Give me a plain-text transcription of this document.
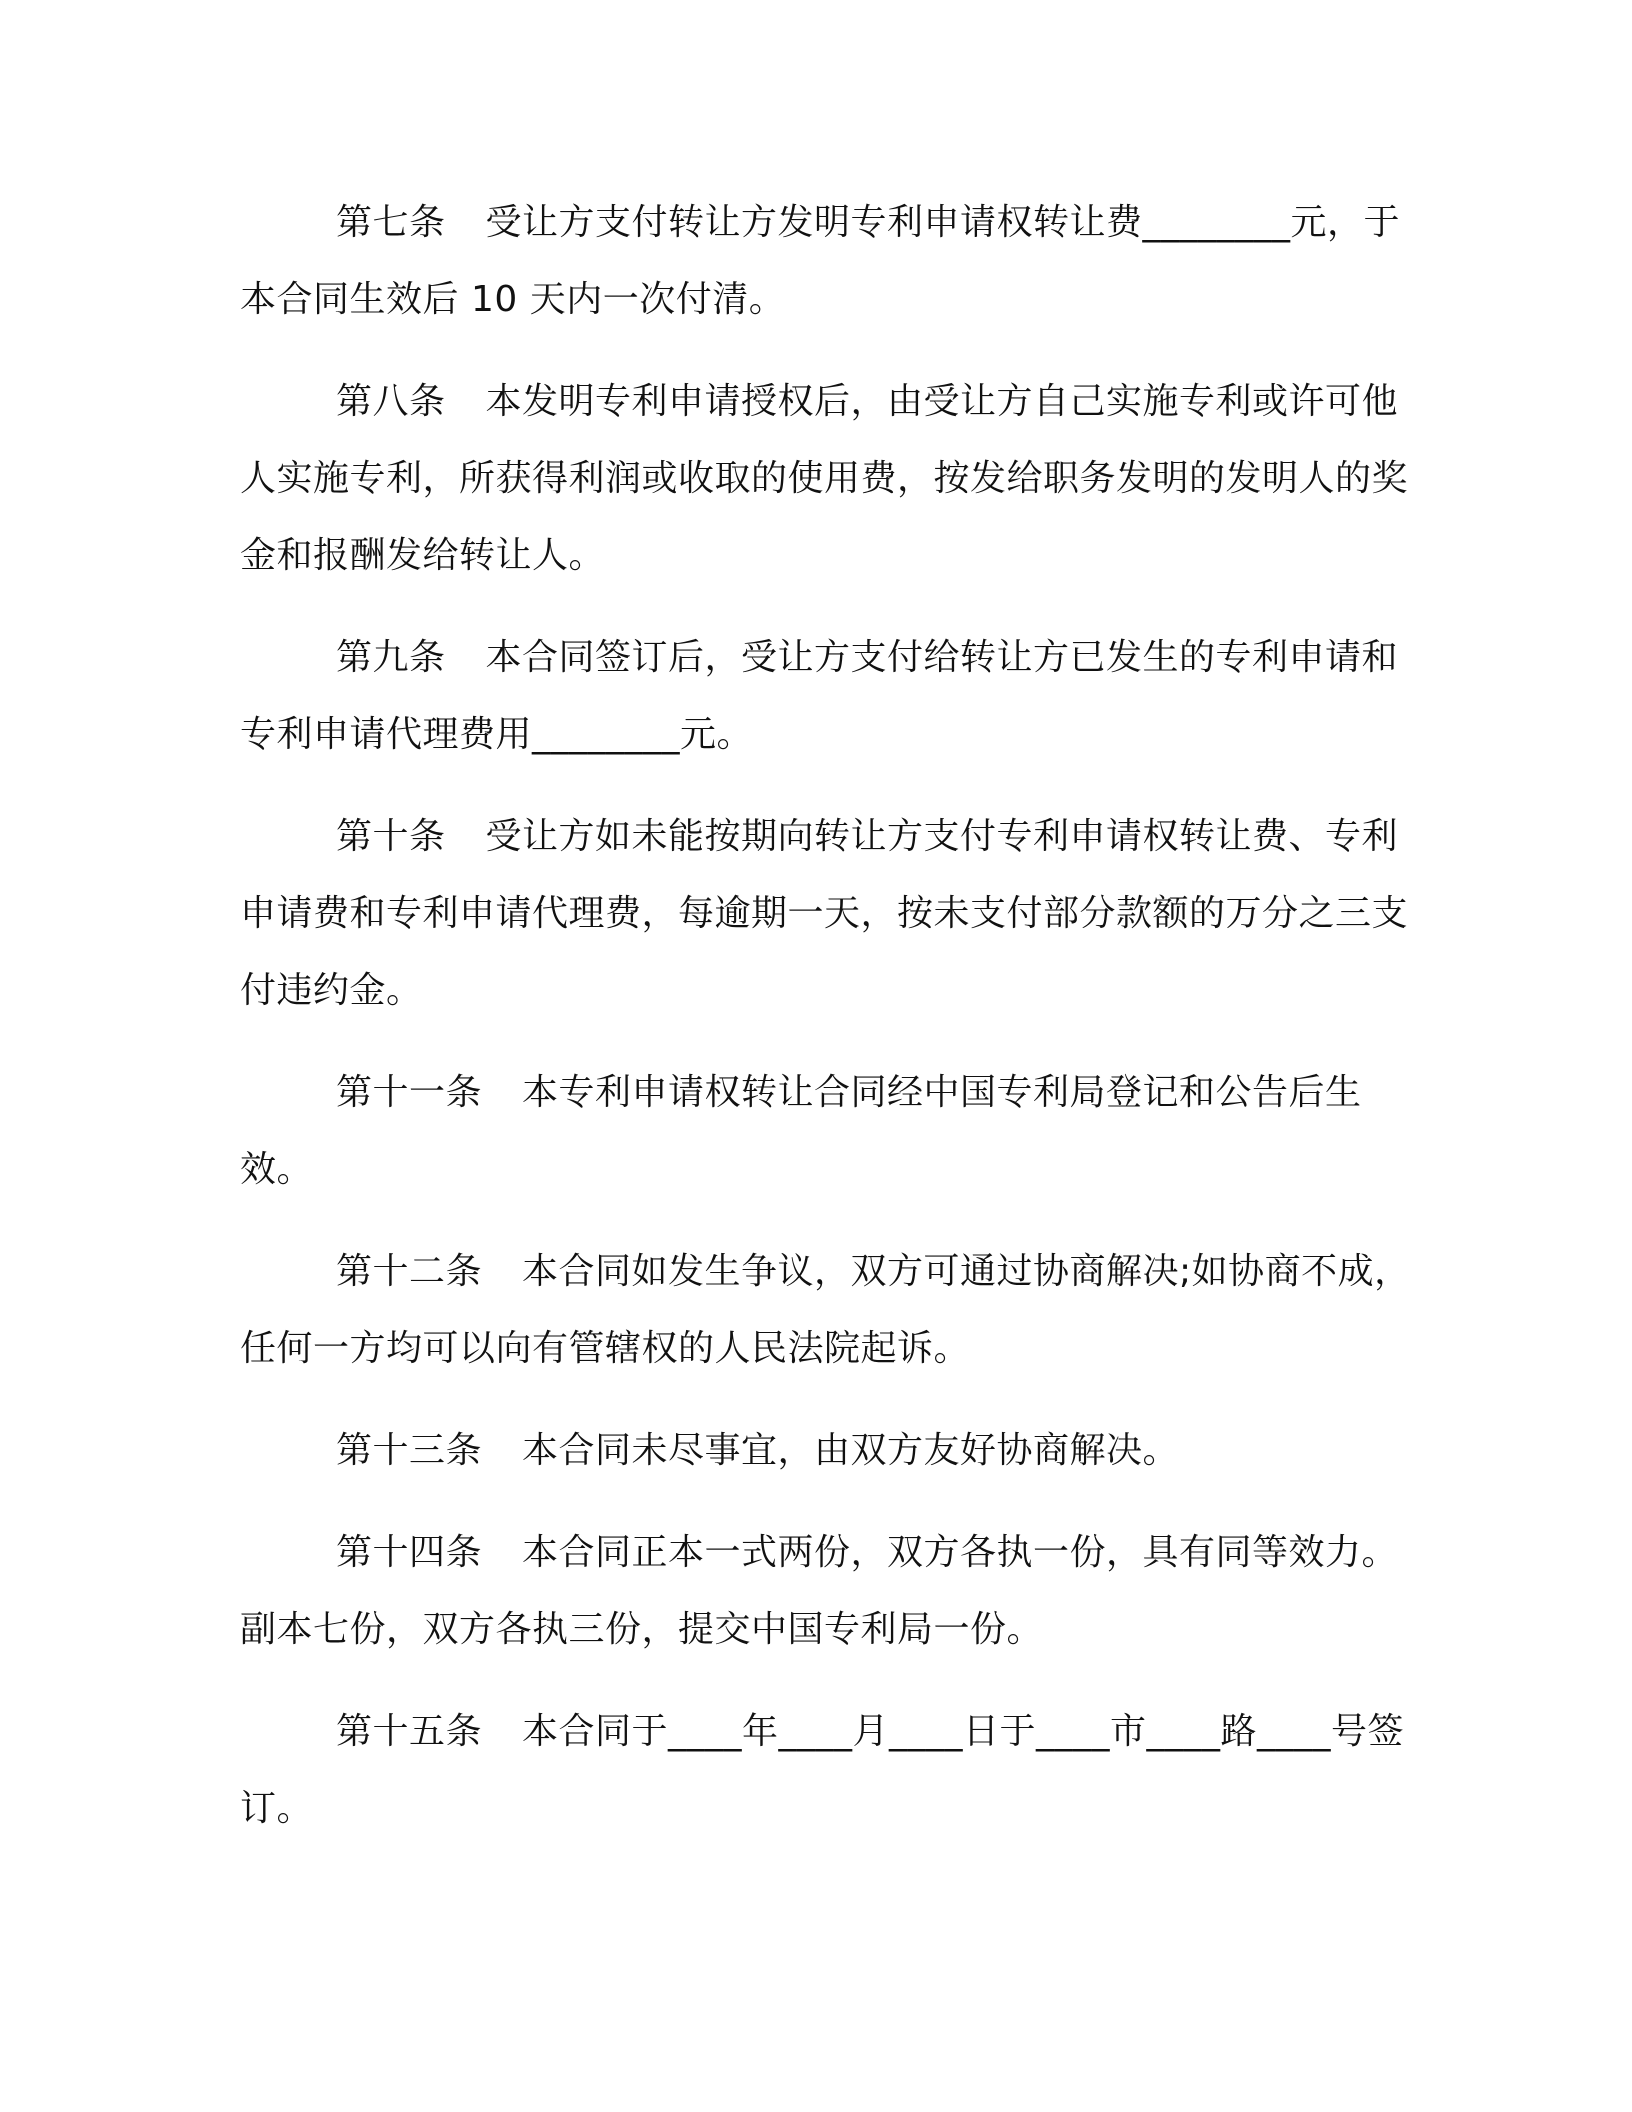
第七条 受让方支付转让方发明专利申请权转让费________元，于本合同生效后 10 天内一次付清。

第八条 本发明专利申请授权后，由受让方自己实施专利或许可他人实施专利，所获得利润或收取的使用费，按发给职务发明的发明人的奖金和报酬发给转让人。

第九条 本合同签订后，受让方支付给转让方已发生的专利申请和专利申请代理费用________元。

第十条 受让方如未能按期向转让方支付专利申请权转让费、专利申请费和专利申请代理费，每逾期一天，按未支付部分款额的万分之三支付违约金。

第十一条 本专利申请权转让合同经中国专利局登记和公告后生效。

第十二条 本合同如发生争议，双方可通过协商解决;如协商不成，任何一方均可以向有管辖权的人民法院起诉。

第十三条 本合同未尽事宜，由双方友好协商解决。

第十四条 本合同正本一式两份，双方各执一份，具有同等效力。副本七份，双方各执三份，提交中国专利局一份。

第十五条 本合同于____年____月____日于____市____路____号签订。
